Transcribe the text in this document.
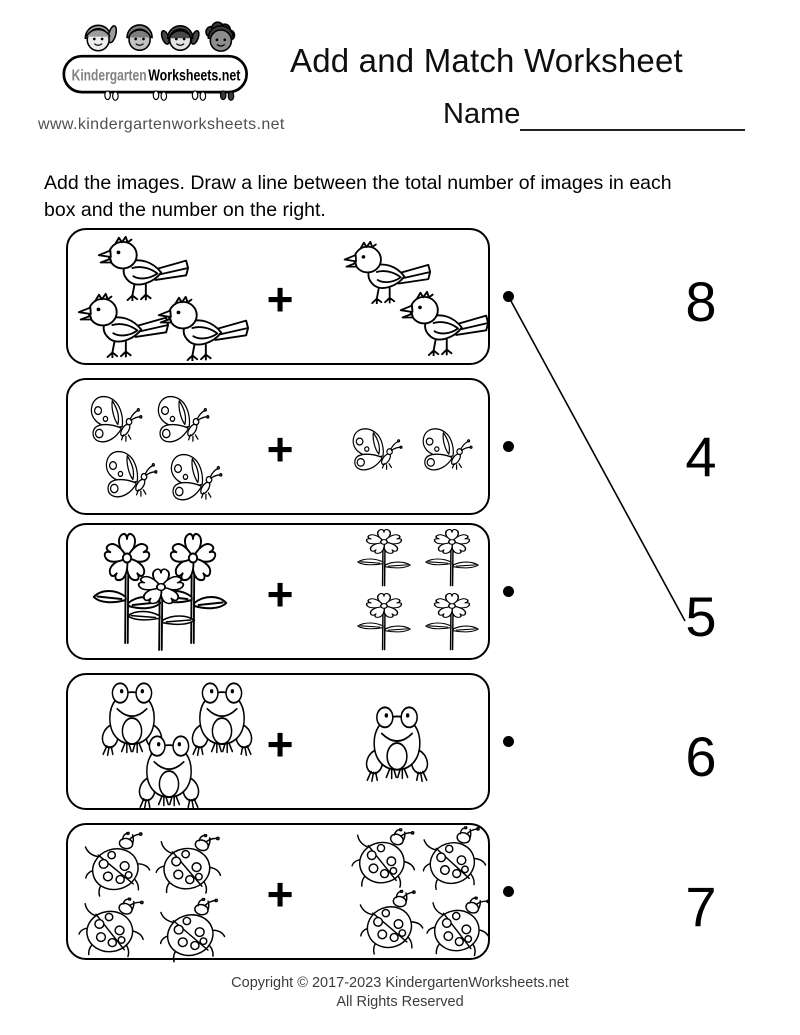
Kindergarten Worksheets.net
www.kindergartenworksheets.net
Add and Match Worksheet
Name
Add the images. Draw a line between the total number of images in each
box and the number on the right.
+
+
+
+
+
8
4
5
6
7
Copyright © 2017-2023 KindergartenWorksheets.net
All Rights Reserved
